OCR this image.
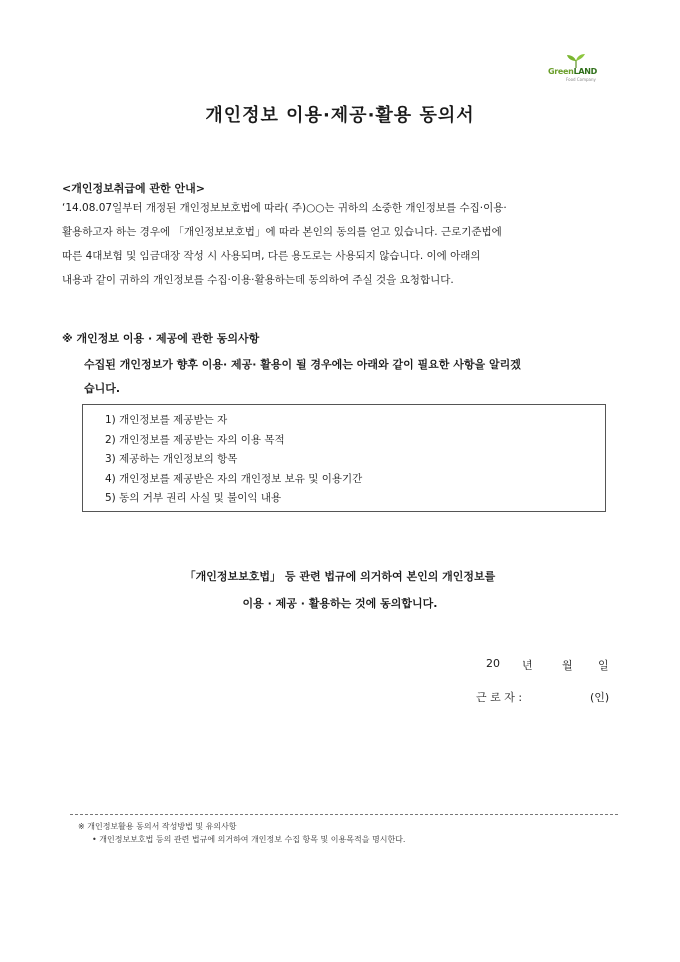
GreenLAND
Food Company
개인정보 이용·제공·활용 동의서
<개인정보취급에 관한 안내>
‘14.08.07일부터 개정된 개인정보보호법에 따라( 주)○○는 귀하의 소중한 개인정보를 수집·이용·
활용하고자 하는 경우에 「개인정보보호법」에 따라 본인의 동의를 얻고 있습니다. 근로기준법에
따른 4대보험 및 임금대장 작성 시 사용되며, 다른 용도로는 사용되지 않습니다. 이에 아래의
내용과 같이 귀하의 개인정보를 수집·이용·활용하는데 동의하여 주실 것을 요청합니다.
※ 개인정보 이용 · 제공에 관한 동의사항
수집된 개인정보가 향후 이용· 제공· 활용이 될 경우에는 아래와 같이 필요한 사항을 알리겠
습니다.
1) 개인정보를 제공받는 자
2) 개인정보를 제공받는 자의 이용 목적
3) 제공하는 개인정보의 항목
4) 개인정보를 제공받은 자의 개인정보 보유 및 이용기간
5) 동의 거부 권리 사실 및 불이익 내용
「개인정보보호법」 등 관련 법규에 의거하여 본인의 개인정보를
이용 · 제공 · 활용하는 것에 동의합니다.
20 년	월 일
근 로 자 :	(인)
※ 개인정보활용 동의서 작성방법 및 유의사항
• 개인정보보호법 등의 관련 법규에 의거하여 개인정보 수집 항목 및 이용목적을 명시한다.
